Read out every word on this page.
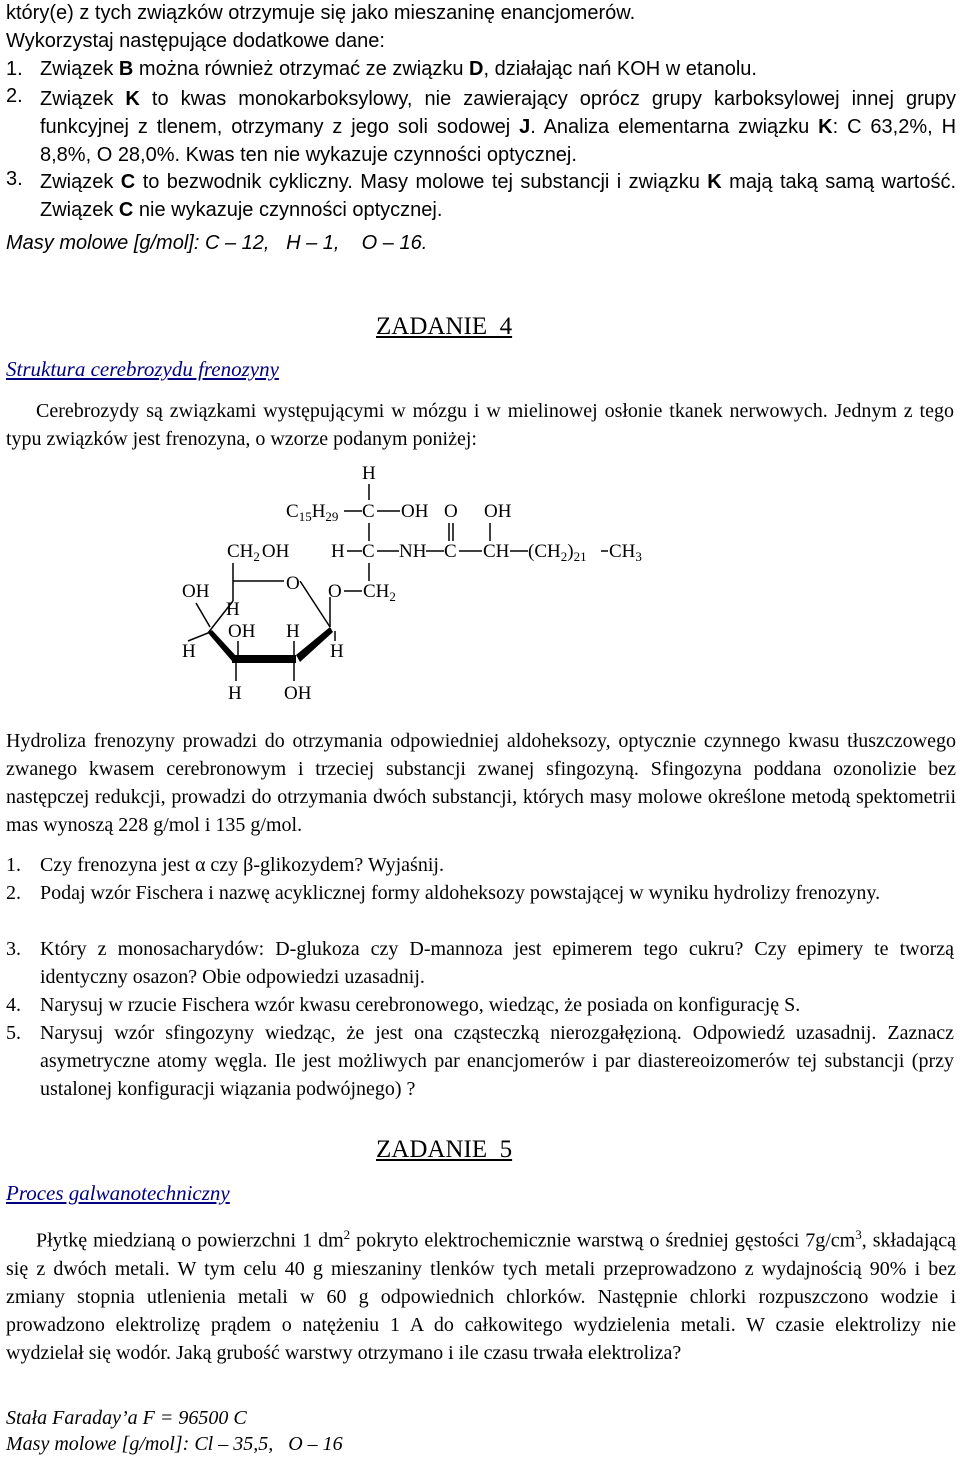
który(e) z tych związków otrzymuje się jako mieszaninę enancjomerów.
Wykorzystaj następujące dodatkowe dane:
1. Związek B można również otrzymać ze związku D, działając nań KOH w etanolu.
2. Związek K to kwas monokarboksylowy, nie zawierający oprócz grupy karboksylowej innej grupy funkcyjnej z tlenem, otrzymany z jego soli sodowej J. Analiza elementarna związku K: C 63,2%, H 8,8%, O 28,0%. Kwas ten nie wykazuje czynności optycznej.
3. Związek C to bezwodnik cykliczny. Masy molowe tej substancji i związku K mają taką samą wartość. Związek C nie wykazuje czynności optycznej.
Masy molowe [g/mol]: C – 12,   H – 1,    O – 16.
ZADANIE  4
Struktura cerebrozydu frenozyny
Cerebrozydy są związkami występującymi w mózgu i w mielinowej osłonie tkanek nerwowych. Jednym z tego typu związków jest frenozyna, o wzorze podanym poniżej:
H
$C_{15}H_{29}$ C OH O OH
$CH_2$ OH H C NH C CH $(CH_2)_{21}$ $CH_3$
O O $CH_2$
OH
H
H
OH H
H
H OH
Hydroliza frenozyny prowadzi do otrzymania odpowiedniej aldoheksozy, optycznie czynnego kwasu tłuszczowego zwanego kwasem cerebronowym i trzeciej substancji zwanej sfingozyną. Sfingozyna poddana ozonolizie bez następczej redukcji, prowadzi do otrzymania dwóch substancji, których masy molowe określone metodą spektometrii mas wynoszą 228 g/mol i 135 g/mol.
1. Czy frenozyna jest α czy β-glikozydem? Wyjaśnij.
2. Podaj wzór Fischera i nazwę acyklicznej formy aldoheksozy powstającej w wyniku hydrolizy frenozyny.
3. Który z monosacharydów: D-glukoza czy D-mannoza jest epimerem tego cukru? Czy epimery te tworzą identyczny osazon? Obie odpowiedzi uzasadnij.
4. Narysuj w rzucie Fischera wzór kwasu cerebronowego, wiedząc, że posiada on konfigurację S.
5. Narysuj wzór sfingozyny wiedząc, że jest ona cząsteczką nierozgałęzioną. Odpowiedź uzasadnij. Zaznacz asymetryczne atomy węgla. Ile jest możliwych par enancjomerów i par diastereoizomerów tej substancji (przy ustalonej konfiguracji wiązania podwójnego) ?
ZADANIE  5
Proces galwanotechniczny
Płytkę miedzianą o powierzchni 1 $dm^2$ pokryto elektrochemicznie warstwą o średniej gęstości $7g/cm^3$, składającą się z dwóch metali. W tym celu 40 g mieszaniny tlenków tych metali przeprowadzono z wydajnością 90% i bez zmiany stopnia utlenienia metali w 60 g odpowiednich chlorków. Następnie chlorki rozpuszczono wodzie i prowadzono elektrolizę prądem o natężeniu 1 A do całkowitego wydzielenia metali. W czasie elektrolizy nie wydzielał się wodór. Jaką grubość warstwy otrzymano i ile czasu trwała elektroliza?
Stała Faraday’a F = 96500 C
Masy molowe [g/mol]: Cl – 35,5,   O – 16
